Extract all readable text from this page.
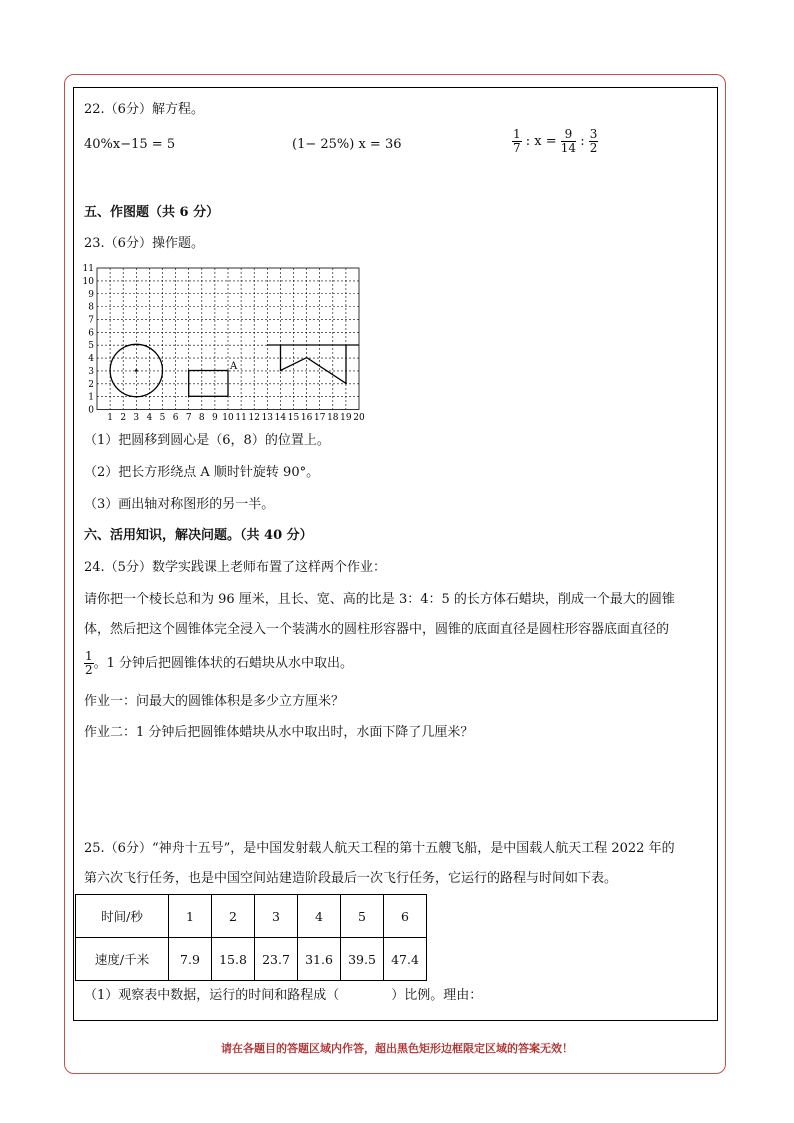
22.（6分）解方程。
40%x−15 = 5	(1− 25%) x = 36	$\frac{1}{7}$ : $x = \frac{9}{14}$ : $\frac{3}{2}$
五、作图题（共 6 分）
23.（6分）操作题。
1 2 3 4 5 6 7 8 9 10 11 12 13 14 15 16 17 18 19 20
0
1
2
3
4
5
6
7
8
9
10
11
A
（1）把圆移到圆心是（6，8）的位置上。
（2）把长方形绕点 A 顺时针旋转 90°。
（3）画出轴对称图形的另一半。
六、活用知识，解决问题。（共 40 分）
24.（5分）数学实践课上老师布置了这样两个作业：
请你把一个棱长总和为 96 厘米，且长、宽、高的比是 3：4：5 的长方体石蜡块，削成一个最大的圆锥
体，然后把这个圆锥体完全浸入一个装满水的圆柱形容器中，圆锥的底面直径是圆柱形容器底面直径的
$\frac{1}{2}$ 。1 分钟后把圆锥体状的石蜡块从水中取出。
作业一：问最大的圆锥体积是多少立方厘米？
作业二：1 分钟后把圆锥体蜡块从水中取出时，水面下降了几厘米？
25.（6分）“神舟十五号”，是中国发射载人航天工程的第十五艘飞船，是中国载人航天工程 2022 年的
第六次飞行任务，也是中国空间站建造阶段最后一次飞行任务，它运行的路程与时间如下表。
时间/秒	1	2	3	4	5	6
速度/千米	7.9	15.8	23.7	31.6	39.5	47.4
（1）观察表中数据，运行的时间和路程成（　　　　）比例。理由：
请在各题目的答题区域内作答，超出黑色矩形边框限定区域的答案无效！
